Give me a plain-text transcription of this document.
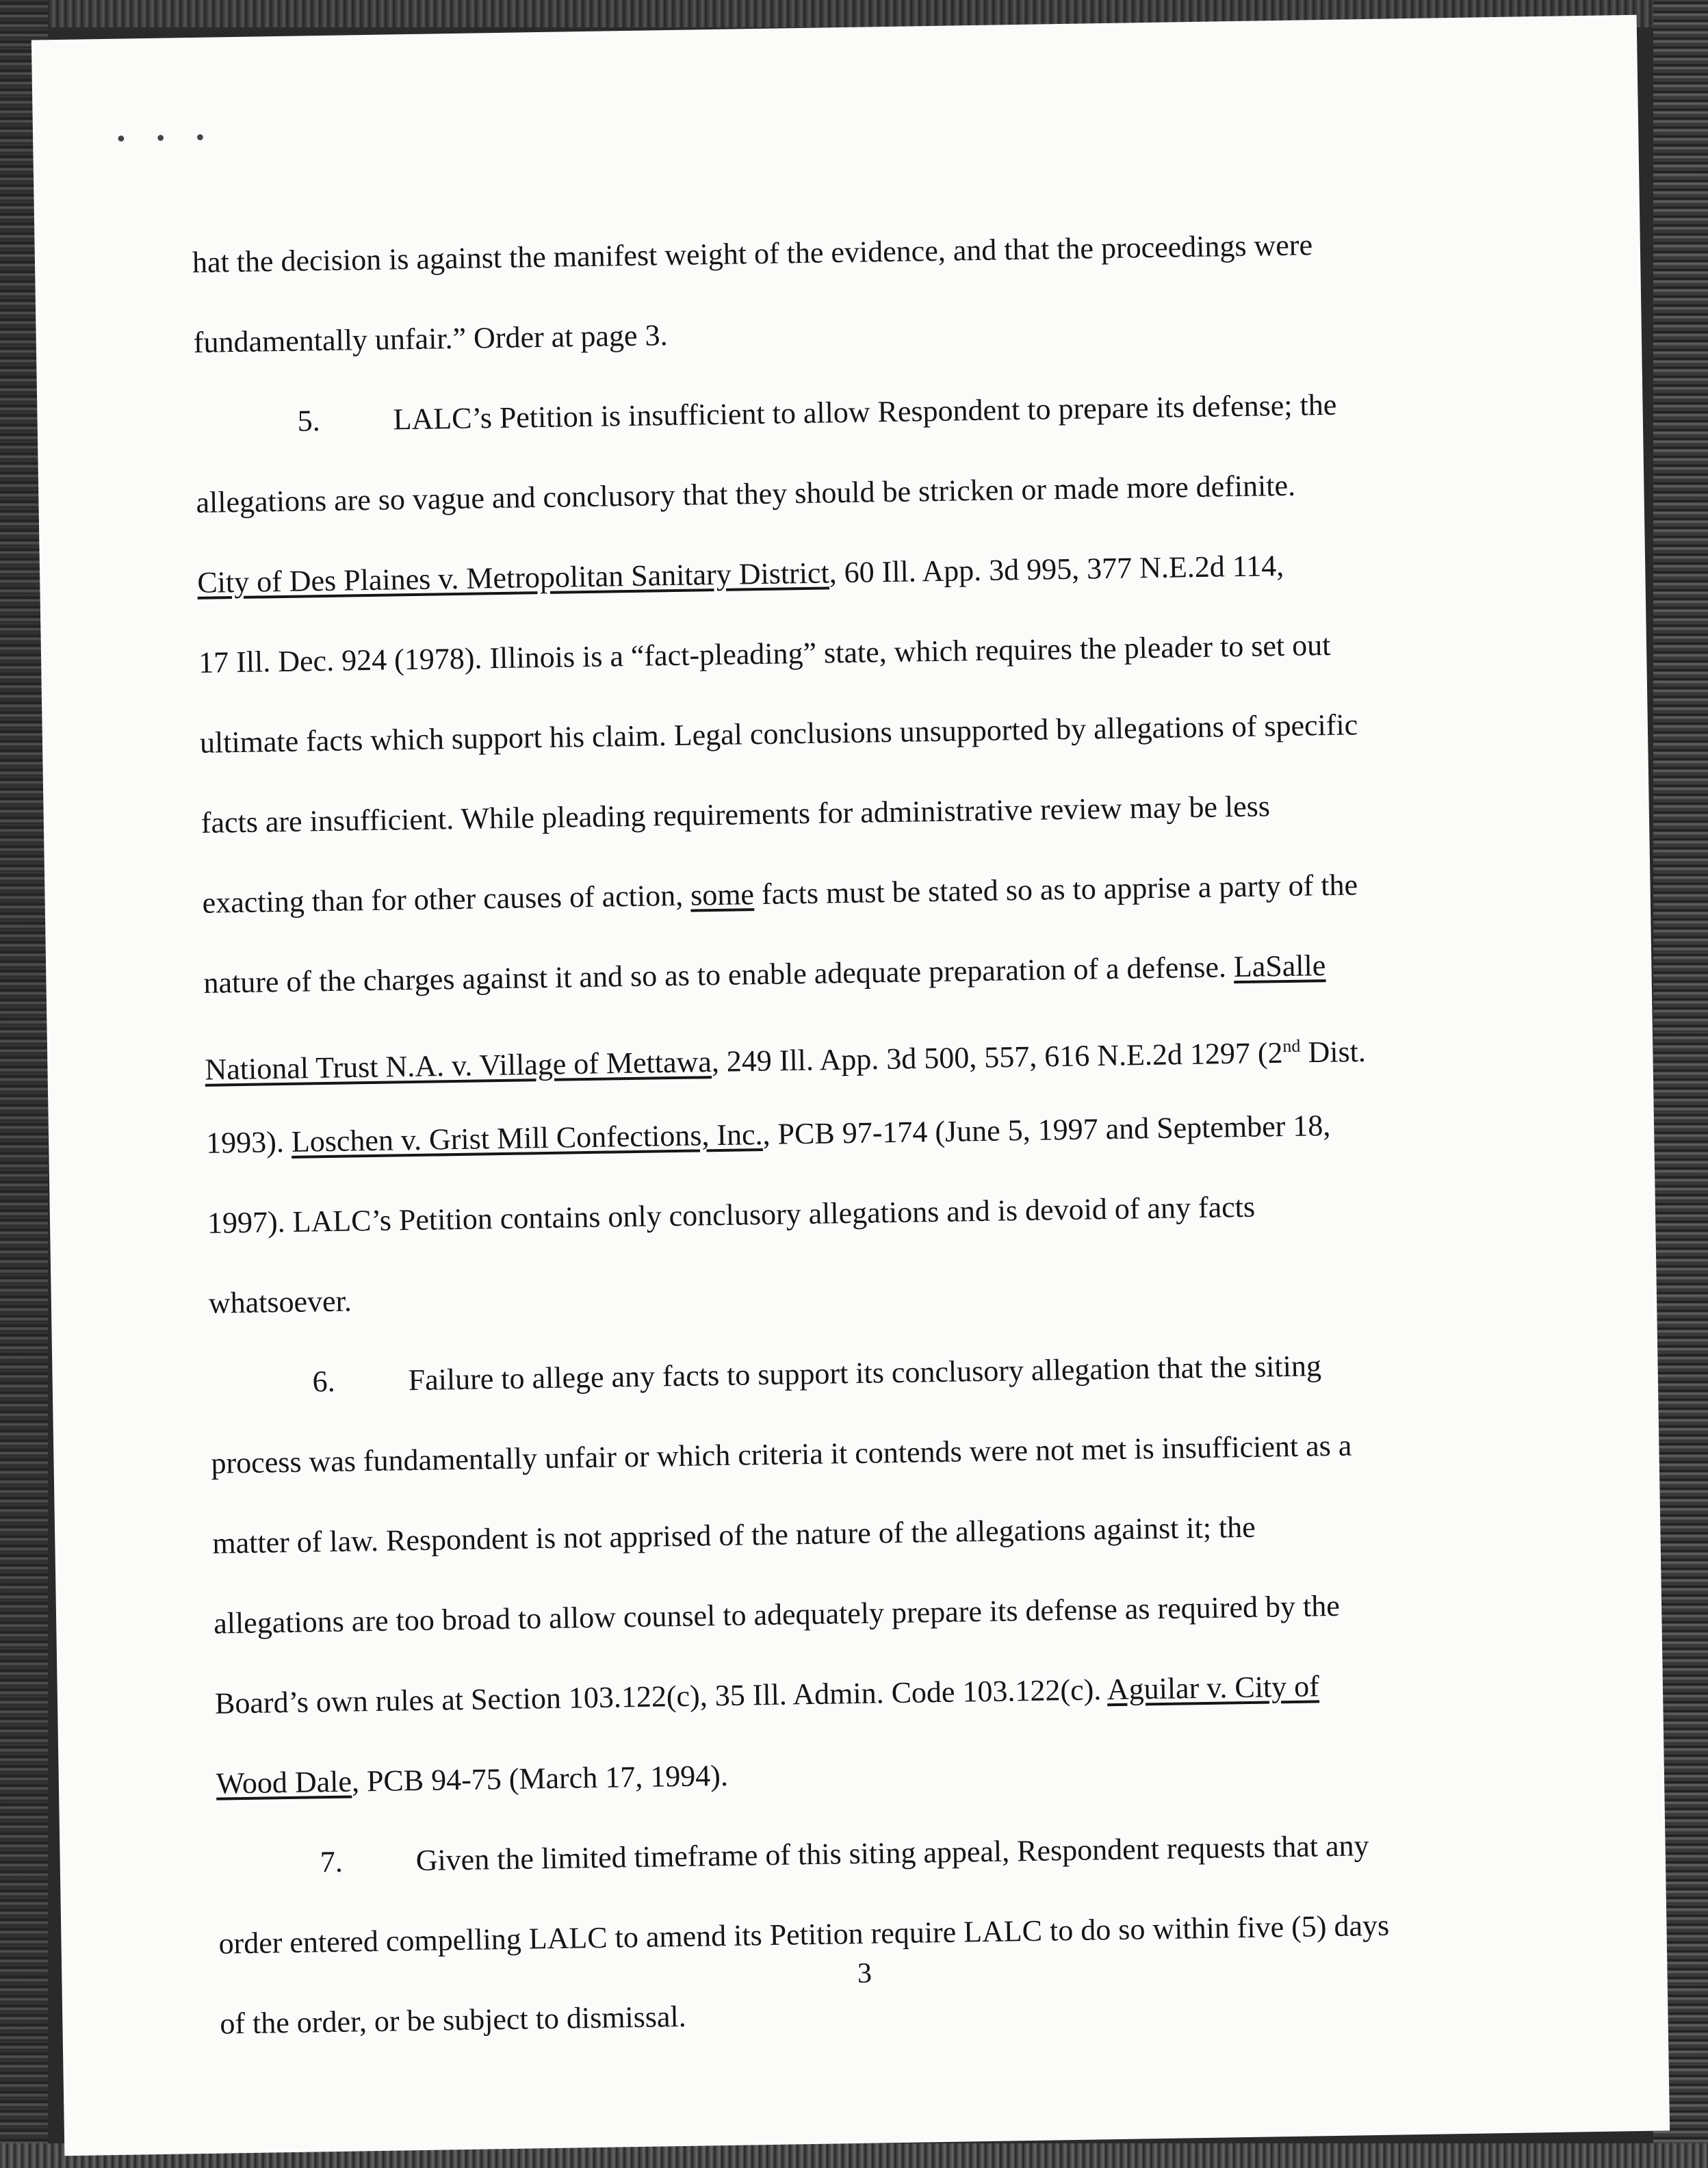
•••
hat the decision is against the manifest weight of the evidence, and that the proceedings were
fundamentally unfair.” Order at page 3.
5. LALC’s Petition is insufficient to allow Respondent to prepare its defense; the
allegations are so vague and conclusory that they should be stricken or made more definite.
City of Des Plaines v. Metropolitan Sanitary District, 60 Ill. App. 3d 995, 377 N.E.2d 114,
17 Ill. Dec. 924 (1978). Illinois is a “fact-pleading” state, which requires the pleader to set out
ultimate facts which support his claim. Legal conclusions unsupported by allegations of specific
facts are insufficient. While pleading requirements for administrative review may be less
exacting than for other causes of action, some facts must be stated so as to apprise a party of the
nature of the charges against it and so as to enable adequate preparation of a defense. LaSalle
National Trust N.A. v. Village of Mettawa, 249 Ill. App. 3d 500, 557, 616 N.E.2d 1297 (2nd Dist.
1993). Loschen v. Grist Mill Confections, Inc., PCB 97-174 (June 5, 1997 and September 18,
1997). LALC’s Petition contains only conclusory allegations and is devoid of any facts
whatsoever.
6. Failure to allege any facts to support its conclusory allegation that the siting
process was fundamentally unfair or which criteria it contends were not met is insufficient as a
matter of law. Respondent is not apprised of the nature of the allegations against it; the
allegations are too broad to allow counsel to adequately prepare its defense as required by the
Board’s own rules at Section 103.122(c), 35 Ill. Admin. Code 103.122(c). Aguilar v. City of
Wood Dale, PCB 94-75 (March 17, 1994).
7. Given the limited timeframe of this siting appeal, Respondent requests that any
order entered compelling LALC to amend its Petition require LALC to do so within five (5) days
of the order, or be subject to dismissal.
3
